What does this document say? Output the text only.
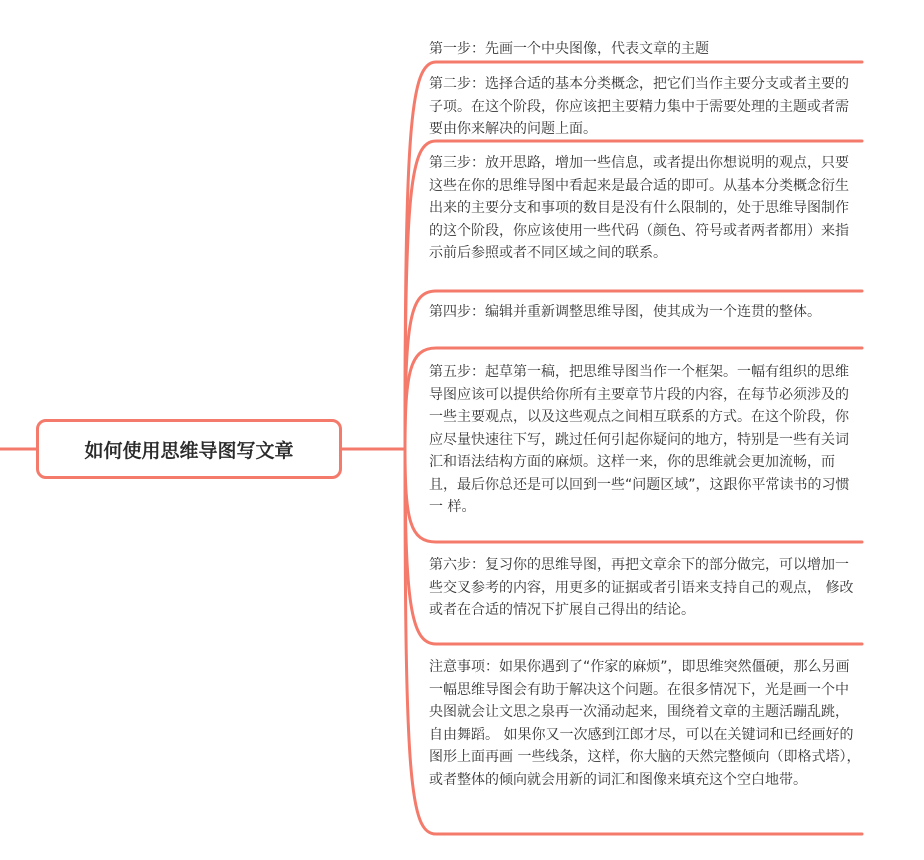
如何使用思维导图写文章
第一步：先画一个中央图像，代表文章的主题
第二步：选择合适的基本分类概念，把它们当作主要分支或者主要的子项。在这个阶段，你应该把主要精力集中于需要处理的主题或者需要由你来解决的问题上面。
第三步：放开思路，增加一些信息，或者提出你想说明的观点，只要这些在你的思维导图中看起来是最合适的即可。从基本分类概念衍生出来的主要分支和事项的数目是没有什么限制的，处于思维导图制作的这个阶段，你应该使用一些代码（颜色、符号或者两者都用）来指示前后参照或者不同区域之间的联系。
第四步：编辑并重新调整思维导图，使其成为一个连贯的整体。
第五步：起草第一稿，把思维导图当作一个框架。一幅有组织的思维导图应该可以提供给你所有主要章节片段的内容，在每节必须涉及的一些主要观点，以及这些观点之间相互联系的方式。在这个阶段，你应尽量快速往下写，跳过任何引起你疑问的地方，特别是一些有关词汇和语法结构方面的麻烦。这样一来，你的思维就会更加流畅，而且，最后你总还是可以回到一些“问题区域”，这跟你平常读书的习惯一 样。
第六步：复习你的思维导图，再把文章余下的部分做完，可以增加一些交叉参考的内容，用更多的证据或者引语来支持自己的观点， 修改或者在合适的情况下扩展自己得出的结论。
注意事项：如果你遇到了“作家的麻烦”，即思维突然僵硬，那么另画一幅思维导图会有助于解决这个问题。在很多情况下，光是画一个中央图就会让文思之泉再一次涌动起来，围绕着文章的主题活蹦乱跳，自由舞蹈。 如果你又一次感到江郎才尽，可以在关键词和已经画好的图形上面再画 一些线条，这样，你大脑的天然完整倾向（即格式塔），或者整体的倾向就会用新的词汇和图像来填充这个空白地带。
